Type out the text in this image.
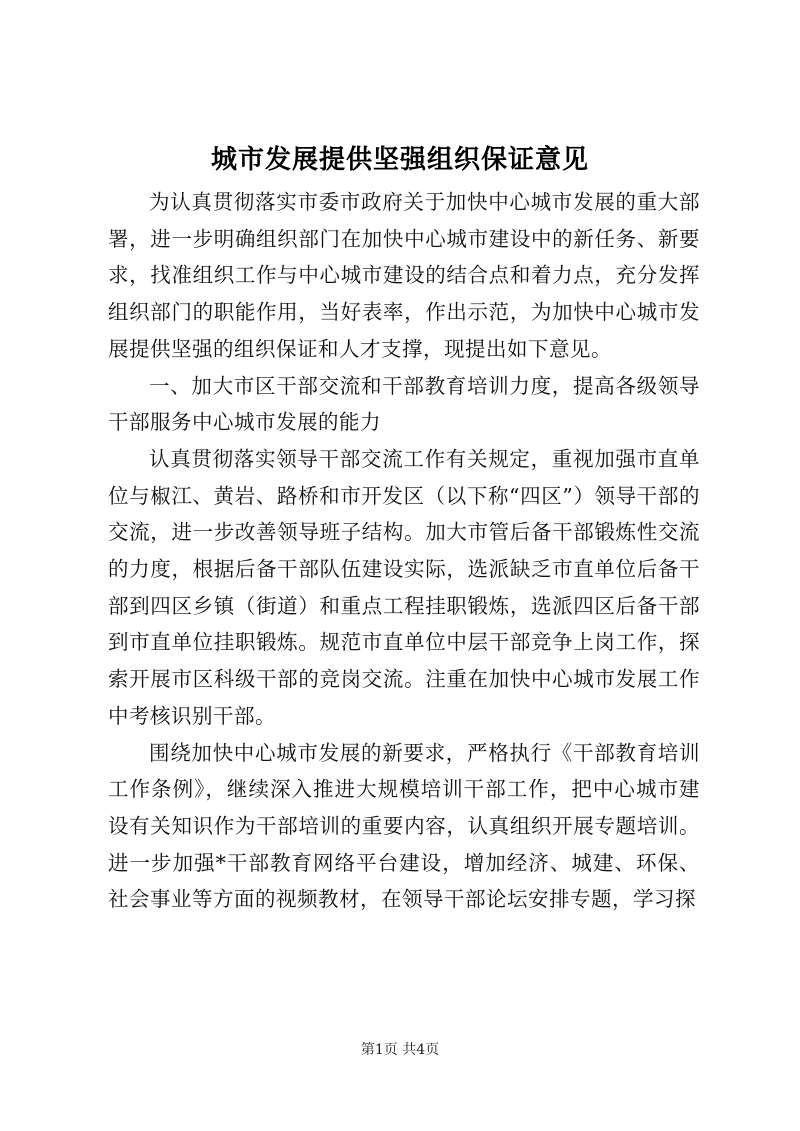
城市发展提供坚强组织保证意见

为认真贯彻落实市委市政府关于加快中心城市发展的重大部署，进一步明确组织部门在加快中心城市建设中的新任务、新要求，找准组织工作与中心城市建设的结合点和着力点，充分发挥组织部门的职能作用，当好表率，作出示范，为加快中心城市发展提供坚强的组织保证和人才支撑，现提出如下意见。

一、加大市区干部交流和干部教育培训力度，提高各级领导干部服务中心城市发展的能力

认真贯彻落实领导干部交流工作有关规定，重视加强市直单位与椒江、黄岩、路桥和市开发区（以下称“四区”）领导干部的交流，进一步改善领导班子结构。加大市管后备干部锻炼性交流的力度，根据后备干部队伍建设实际，选派缺乏市直单位后备干部到四区乡镇（街道）和重点工程挂职锻炼，选派四区后备干部到市直单位挂职锻炼。规范市直单位中层干部竞争上岗工作，探索开展市区科级干部的竞岗交流。注重在加快中心城市发展工作中考核识别干部。

围绕加快中心城市发展的新要求，严格执行《干部教育培训工作条例》，继续深入推进大规模培训干部工作，把中心城市建设有关知识作为干部培训的重要内容，认真组织开展专题培训。进一步加强*干部教育网络平台建设，增加经济、城建、环保、社会事业等方面的视频教材，在领导干部论坛安排专题，学习探

第1页 共4页
